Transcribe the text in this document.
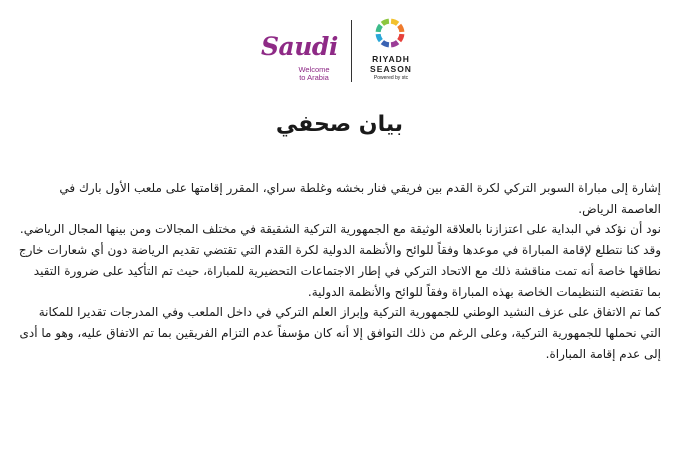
Saudi
Welcome
to Arabia
RIYADH
SEASON
Powered by stc
بيان صحفي

إشارة إلى مباراة السوبر التركي لكرة القدم بين فريقي فنار بخشه وغلطة سراي، المقرر إقامتها على ملعب الأول بارك في العاصمة الرياض.

نود أن نؤكد في البداية على اعتزازنا بالعلاقة الوثيقة مع الجمهورية التركية الشقيقة في مختلف المجالات ومن بينها المجال الرياضي.

وقد كنا نتطلع لإقامة المباراة في موعدها وفقاً للوائح والأنظمة الدولية لكرة القدم التي تقتضي تقديم الرياضة دون أي شعارات خارج نطاقها خاصة أنه تمت مناقشة ذلك مع الاتحاد التركي في إطار الاجتماعات التحضيرية للمباراة، حيث تم التأكيد على ضرورة التقيد بما تقتضيه التنظيمات الخاصة بهذه المباراة وفقاً للوائح والأنظمة الدولية.

كما تم الاتفاق على عزف النشيد الوطني للجمهورية التركية وإبراز العلم التركي في داخل الملعب وفي المدرجات تقديرا للمكانة التي نحملها للجمهورية التركية، وعلى الرغم من ذلك التوافق إلا أنه كان مؤسفاً عدم التزام الفريقين بما تم الاتفاق عليه، وهو ما أدى إلى عدم إقامة المباراة.
